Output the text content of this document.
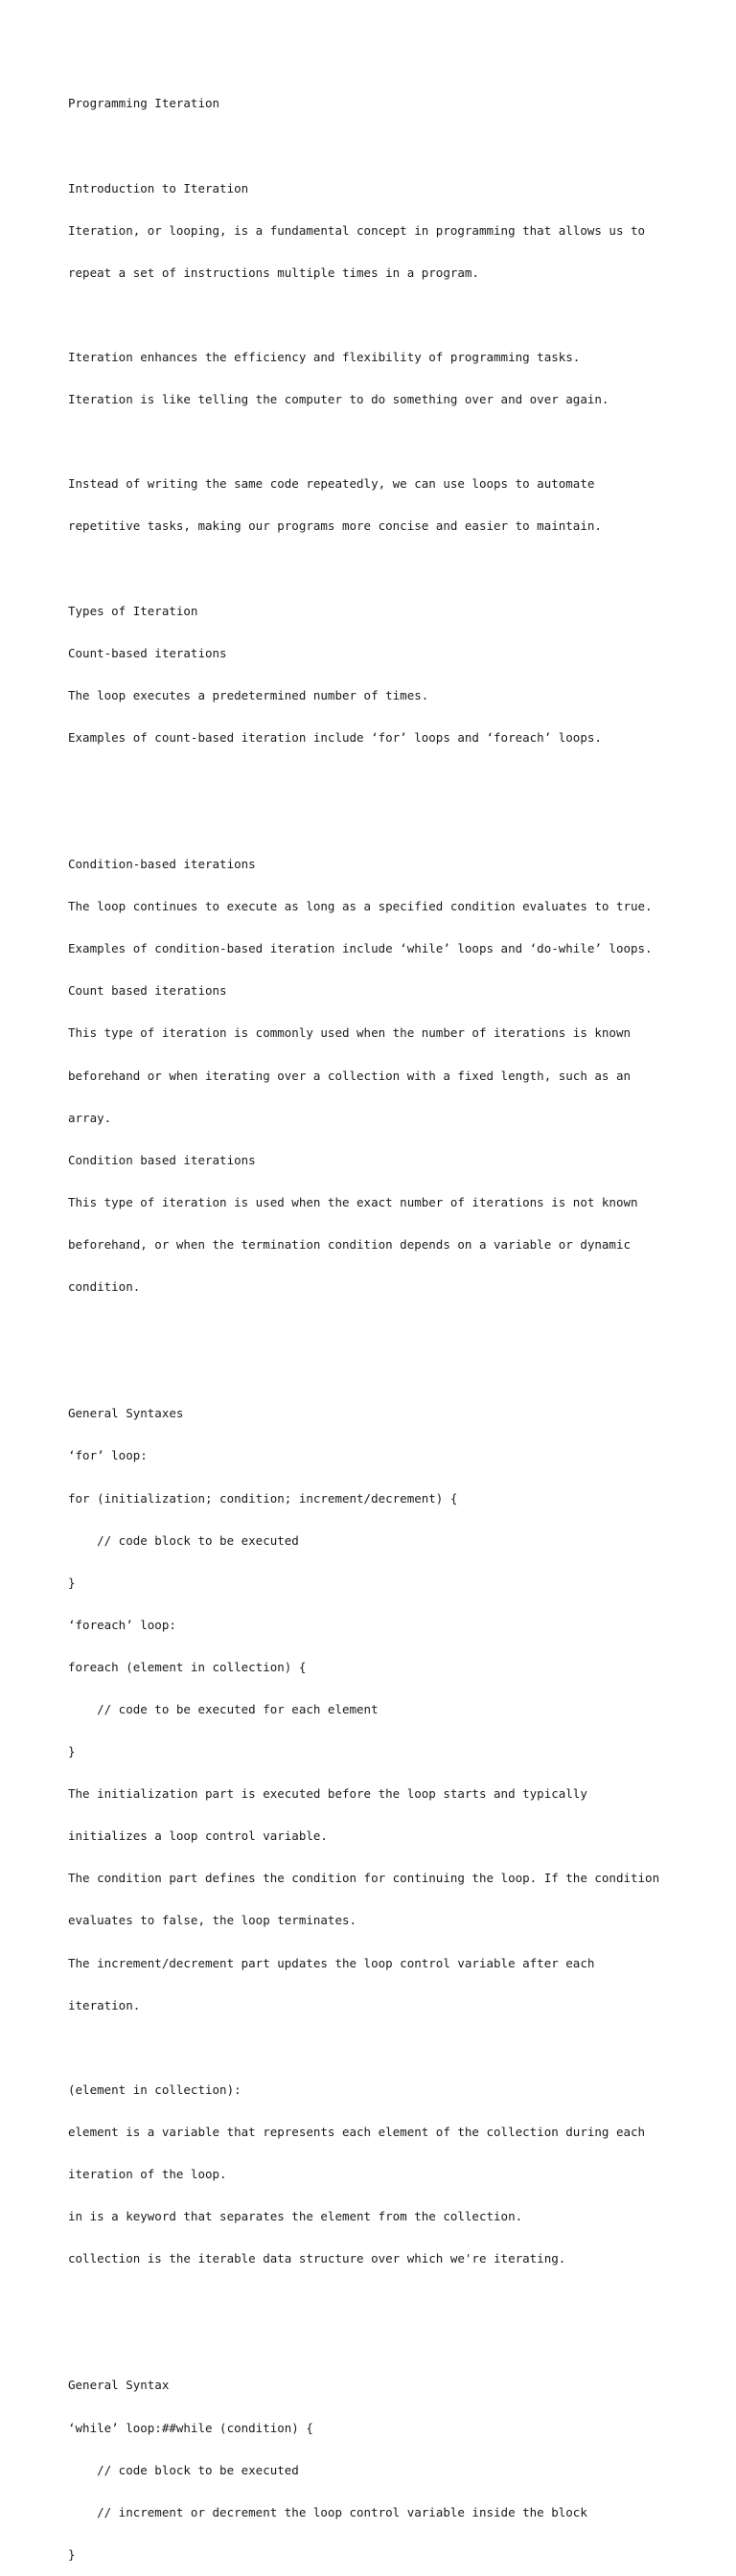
Programming Iteration

Introduction to Iteration

Iteration, or looping, is a fundamental concept in programming that allows us to

repeat a set of instructions multiple times in a program.

Iteration enhances the efficiency and flexibility of programming tasks.

Iteration is like telling the computer to do something over and over again.

Instead of writing the same code repeatedly, we can use loops to automate

repetitive tasks, making our programs more concise and easier to maintain.

Types of Iteration

Count-based iterations

The loop executes a predetermined number of times.

Examples of count-based iteration include ‘for’ loops and ‘foreach’ loops.

Condition-based iterations

The loop continues to execute as long as a specified condition evaluates to true.

Examples of condition-based iteration include ‘while’ loops and ‘do-while’ loops.

Count based iterations

This type of iteration is commonly used when the number of iterations is known

beforehand or when iterating over a collection with a fixed length, such as an

array.

Condition based iterations

This type of iteration is used when the exact number of iterations is not known

beforehand, or when the termination condition depends on a variable or dynamic

condition.

General Syntaxes

‘for’ loop:

for (initialization; condition; increment/decrement) {

// code block to be executed

}

‘foreach’ loop:

foreach (element in collection) {

// code to be executed for each element

}

The initialization part is executed before the loop starts and typically

initializes a loop control variable.

The condition part defines the condition for continuing the loop. If the condition

evaluates to false, the loop terminates.

The increment/decrement part updates the loop control variable after each

iteration.

(element in collection):

element is a variable that represents each element of the collection during each

iteration of the loop.

in is a keyword that separates the element from the collection.

collection is the iterable data structure over which we're iterating.

General Syntax

‘while’ loop:##while (condition) {

// code block to be executed

// increment or decrement the loop control variable inside the block

}
